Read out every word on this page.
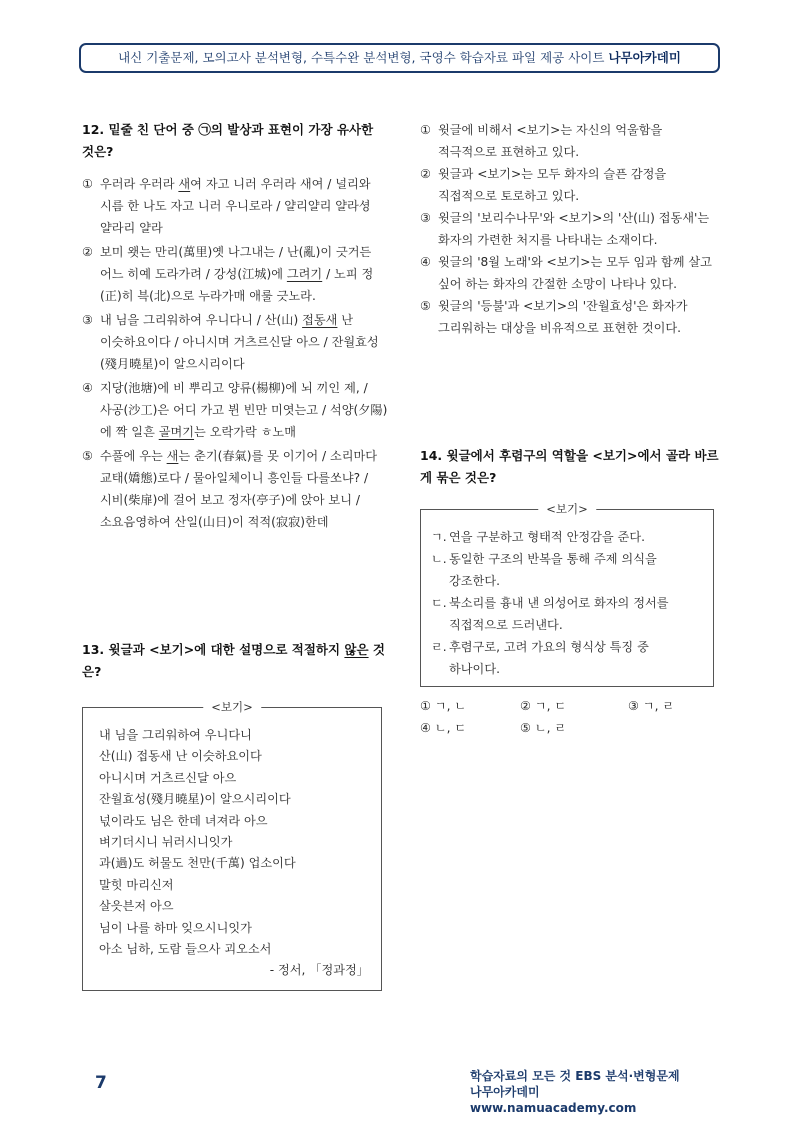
내신 기출문제, 모의고사 분석변형, 수특수완 분석변형, 국영수 학습자료 파일 제공 사이트 나무아카데미

12. 밑줄 친 단어 중 ㉠의 발상과 표현이 가장 유사한 것은?

① 우러라 우러라 새여 자고 니러 우러라 새여 / 널리와 시름 한 나도 자고 니러 우니로라 / 얄리얄리 얄라셩 얄라리 얄라
② 보미 왯는 만리(萬里)옛 나그내는 / 난(亂)이 긋거든 어느 히예 도라가려 / 강성(江城)에 그려기 / 노피 정(正)히 븍(北)으로 누라가매 애룰 긋노라.
③ 내 님을 그리워하여 우니다니 / 산(山) 접동새 난 이슷하요이다 / 아니시며 거츠르신달 아으 / 잔월효성(殘月曉星)이 알으시리이다
④ 지당(池塘)에 비 뿌리고 양류(楊柳)에 뇌 끼인 제, / 사공(沙工)은 어디 가고 뷘 빈만 미엿는고 / 석양(夕陽)에 짝 일흔 골며기는 오락가락 ㅎ노매
⑤ 수풀에 우는 새는 춘기(春氣)를 못 이기어 / 소리마다 교태(嬌態)로다 / 물아일체이니 흥인들 다를쏘냐? / 시비(柴扉)에 걸어 보고 정자(亭子)에 앉아 보니 / 소요음영하여 산일(山日)이 적적(寂寂)한데

13. 윗글과 <보기>에 대한 설명으로 적절하지 않은 것은?

<보기>
내 님을 그리워하여 우니다니
산(山) 접동새 난 이슷하요이다
아니시며 거츠르신달 아으
잔월효성(殘月曉星)이 알으시리이다
넋이라도 님은 한데 녀져라 아으
벼기더시니 뉘러시니잇가
과(過)도 허물도 천만(千萬) 업소이다
말힛 마리신저
살읏븐저 아으
님이 나를 하마 잊으시니잇가
아소 님하, 도람 들으사 괴오소서
- 정서, 「정과정」
① 윗글에 비해서 <보기>는 자신의 억울함을 적극적으로 표현하고 있다.
② 윗글과 <보기>는 모두 화자의 슬픈 감정을 직접적으로 토로하고 있다.
③ 윗글의 '보리수나무'와 <보기>의 '산(山) 접동새'는 화자의 가련한 처지를 나타내는 소재이다.
④ 윗글의 '8월 노래'와 <보기>는 모두 임과 함께 살고 싶어 하는 화자의 간절한 소망이 나타나 있다.
⑤ 윗글의 '등불'과 <보기>의 '잔월효성'은 화자가 그리워하는 대상을 비유적으로 표현한 것이다.

14. 윗글에서 후렴구의 역할을 <보기>에서 골라 바르게 묶은 것은?

<보기>
ㄱ. 연을 구분하고 형태적 안정감을 준다.
ㄴ. 동일한 구조의 반복을 통해 주제 의식을 강조한다.
ㄷ. 북소리를 흉내 낸 의성어로 화자의 정서를 직접적으로 드러낸다.
ㄹ. 후렴구로, 고려 가요의 형식상 특징 중 하나이다.
① ㄱ, ㄴ	② ㄱ, ㄷ	③ ㄱ, ㄹ
④ ㄴ, ㄷ	⑤ ㄴ, ㄹ
7	학습자료의 모든 것 EBS 분석·변형문제
나무아카데미 www.namuacademy.com
